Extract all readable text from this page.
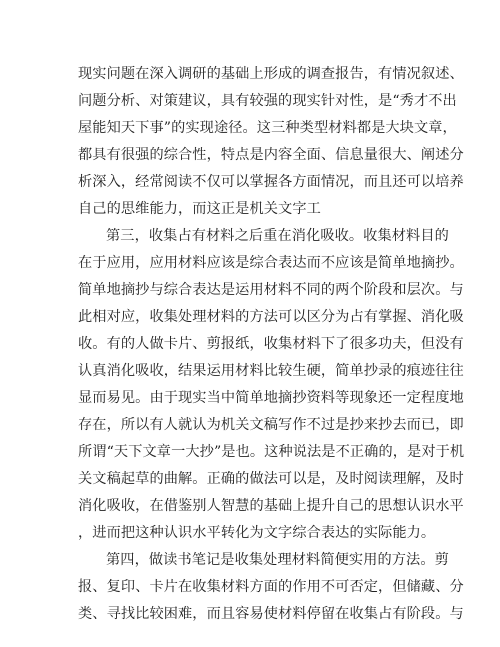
现实问题在深入调研的基础上形成的调查报告，有情况叙述、
问题分析、对策建议，具有较强的现实针对性，是“秀才不出
屋能知天下事”的实现途径。这三种类型材料都是大块文章，
都具有很强的综合性，特点是内容全面、信息量很大、阐述分
析深入，经常阅读不仅可以掌握各方面情况，而且还可以培养
自己的思维能力，而这正是机关文字工
第三，收集占有材料之后重在消化吸收。收集材料目的
在于应用，应用材料应该是综合表达而不应该是简单地摘抄。
简单地摘抄与综合表达是运用材料不同的两个阶段和层次。与
此相对应，收集处理材料的方法可以区分为占有掌握、消化吸
收。有的人做卡片、剪报纸，收集材料下了很多功夫，但没有
认真消化吸收，结果运用材料比较生硬，简单抄录的痕迹往往
显而易见。由于现实当中简单地摘抄资料等现象还一定程度地
存在，所以有人就认为机关文稿写作不过是抄来抄去而已，即
所谓“天下文章一大抄”是也。这种说法是不正确的，是对于机
关文稿起草的曲解。正确的做法可以是，及时阅读理解，及时
消化吸收，在借鉴别人智慧的基础上提升自己的思想认识水平
，进而把这种认识水平转化为文字综合表达的实际能力。
第四，做读书笔记是收集处理材料简便实用的方法。剪
报、复印、卡片在收集材料方面的作用不可否定，但储藏、分
类、寻找比较困难，而且容易使材料停留在收集占有阶段。与
